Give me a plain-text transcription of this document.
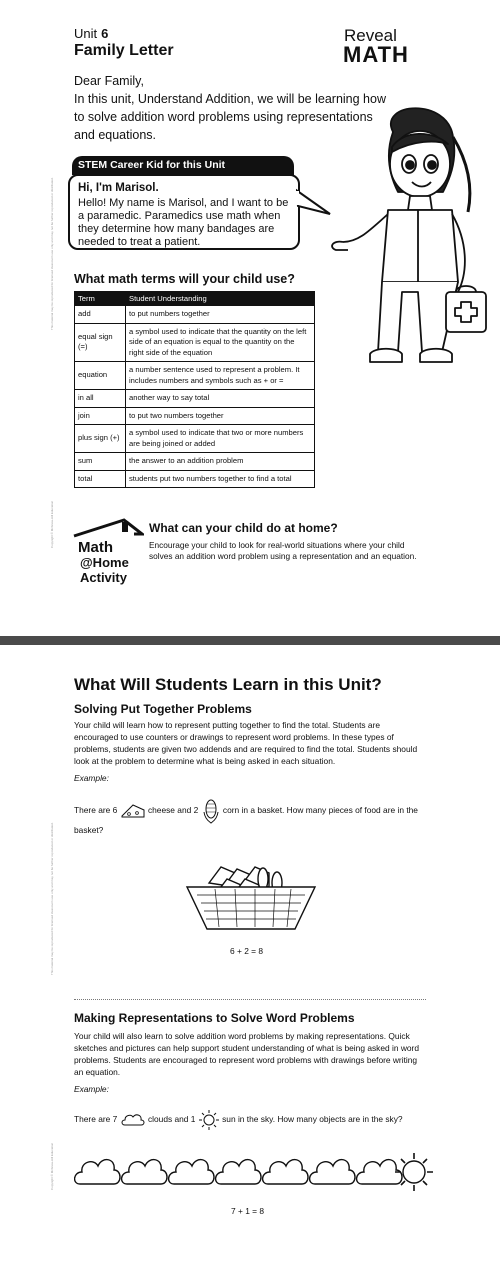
This material may be reproduced for licensed classroom use only and may not be further reproduced or distributed.
Copyright © McGraw-Hill Education
Unit 6
Family Letter
Reveal
MATH

Dear Family,

In this unit, Understand Addition, we will be learning how to solve addition word problems using representations and equations.

STEM Career Kid for this Unit
Hi, I'm Marisol.

Hello! My name is Marisol, and I want to be a paramedic. Paramedics use math when they determine how many bandages are needed to treat a patient.

What math terms will your child use?
Term	Student Understanding
add	to put numbers together
equal sign (=)	a symbol used to indicate that the quantity on the left side of an equation is equal to the quantity on the right side of the equation
equation	a number sentence used to represent a problem. It includes numbers and symbols such as + or =
in all	another way to say total
join	to put two numbers together
plus sign (+)	a symbol used to indicate that two or more numbers are being joined or added
sum	the answer to an addition problem
total	students put two numbers together to find a total
Math
@Home
Activity
What can your child do at home?
Encourage your child to look for real-world situations where your child solves an addition word problem using a representation and an equation.
This material may be reproduced for licensed classroom use only and may not be further reproduced or distributed.
Copyright © McGraw-Hill Education
What Will Students Learn in this Unit?
Solving Put Together Problems
Your child will learn how to represent putting together to find the total. Students are encouraged to use counters or drawings to represent word problems. In these types of problems, students are given two addends and are required to find the total. Students should look at the problem to determine what is being asked in each situation.
Example:
There are 6	cheese and 2	corn in a basket. How many pieces of food are in the basket?
6 + 2 = 8
Making Representations to Solve Word Problems
Your child will also learn to solve addition word problems by making representations. Quick sketches and pictures can help support student understanding of what is being asked in word problems. Students are encouraged to represent word problems with drawings before writing an equation.
Example:
There are 7	clouds and 1	sun in the sky. How many objects are in the sky?
7 + 1 = 8
